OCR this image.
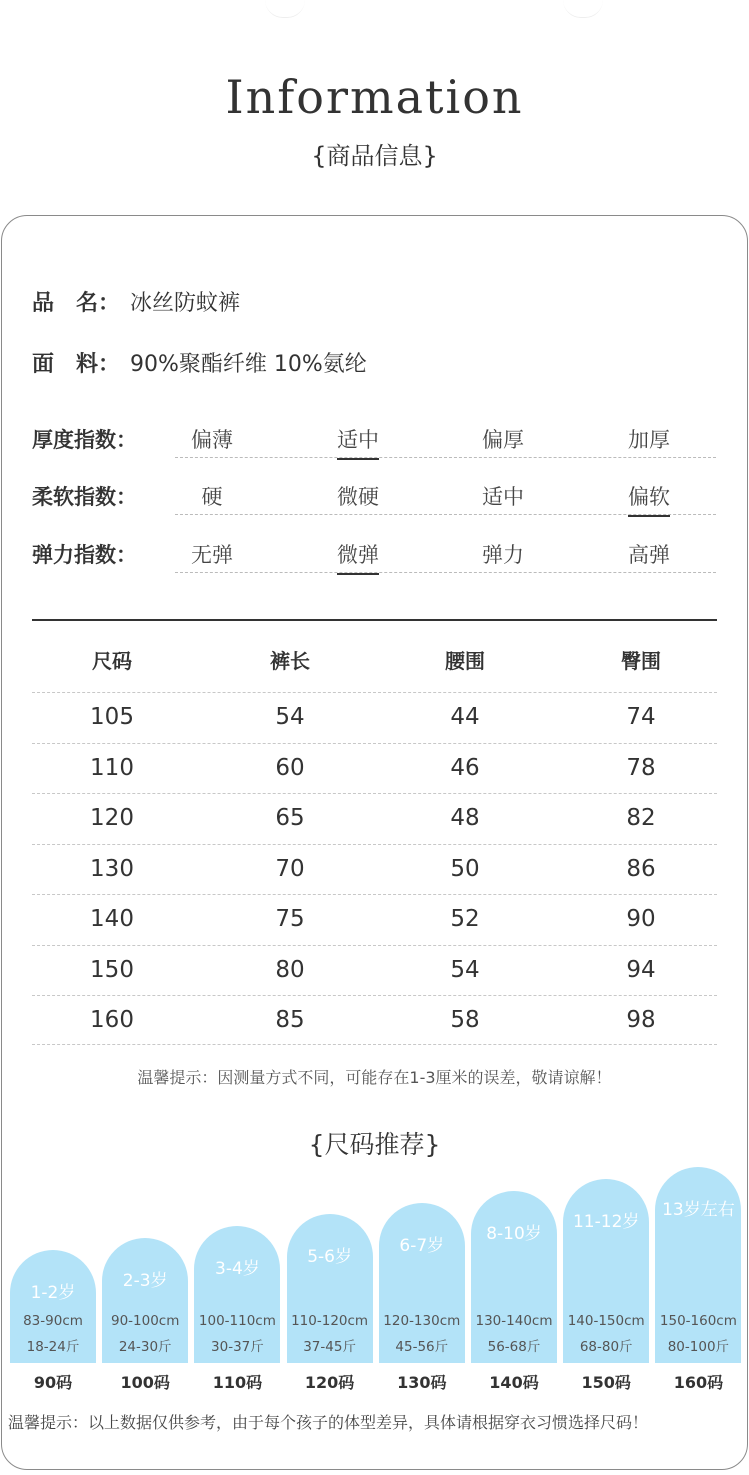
Information
{商品信息}
品　名： 冰丝防蚊裤
面　料： 90%聚酯纤维 10%氨纶
厚度指数：	偏薄	适中	偏厚	加厚
柔软指数：	硬	微硬	适中	偏软
弹力指数：	无弹	微弹	弹力	高弹
尺码	裤长	腰围	臀围
105	54	44	74
110	60	46	78
120	65	48	82
130	70	50	86
140	75	52	90
150	80	54	94
160	85	58	98
温馨提示：因测量方式不同，可能存在1-3厘米的误差，敬请谅解！
{尺码推荐}
1-2岁
83-90cm
18-24斤
90码
2-3岁
90-100cm
24-30斤
100码
3-4岁
100-110cm
30-37斤
110码
5-6岁
110-120cm
37-45斤
120码
6-7岁
120-130cm
45-56斤
130码
8-10岁
130-140cm
56-68斤
140码
11-12岁
140-150cm
68-80斤
150码
13岁左右
150-160cm
80-100斤
160码
温馨提示：以上数据仅供参考，由于每个孩子的体型差异，具体请根据穿衣习惯选择尺码！
